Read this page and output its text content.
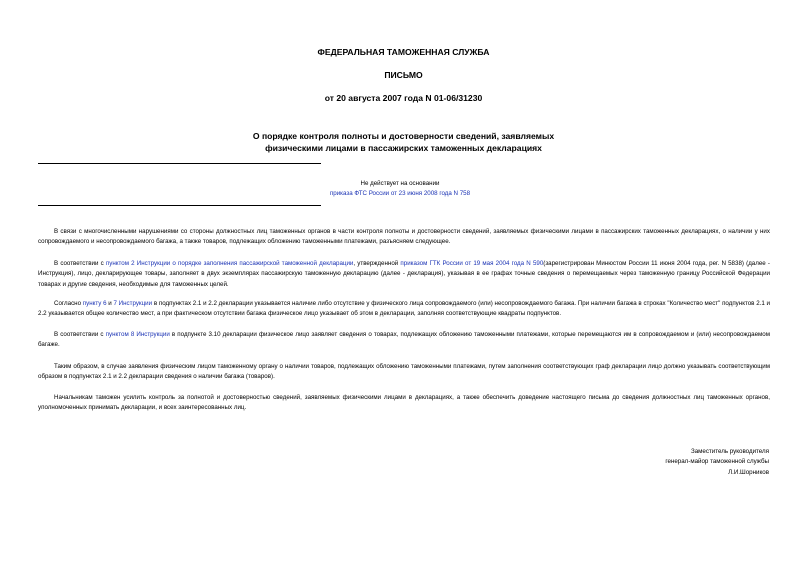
ФЕДЕРАЛЬНАЯ ТАМОЖЕННАЯ СЛУЖБА
ПИСЬМО
от 20 августа 2007 года N 01-06/31230
О порядке контроля полноты и достоверности сведений, заявляемых
физическими лицами в пассажирских таможенных декларациях
Не действует на основании
приказа ФТС России от 23 июня 2008 года N 758

В связи с многочисленными нарушениями со стороны должностных лиц таможенных органов в части контроля полноты и достоверности сведений, заявляемых физическими лицами в пассажирских таможенных декларациях, о наличии у них сопровождаемого и несопровождаемого багажа, а также товаров, подлежащих обложению таможенными платежами, разъясняем следующее.

В соответствии с пунктом 2 Инструкции о порядке заполнения пассажирской таможенной декларации, утвержденной приказом ГТК России от 19 мая 2004 года N 590(зарегистрирован Минюстом России 11 июня 2004 года, рег. N 5838) (далее - Инструкция), лицо, декларирующее товары, заполняет в двух экземплярах пассажирскую таможенную декларацию (далее - декларация), указывая в ее графах точные сведения о перемещаемых через таможенную границу Российской Федерации товарах и другие сведения, необходимые для таможенных целей.

Согласно пункту 6 и 7 Инструкции в подпунктах 2.1 и 2.2 декларации указывается наличие либо отсутствие у физического лица сопровождаемого (или) несопровождаемого багажа. При наличии багажа в строках "Количество мест" подпунктов 2.1 и 2.2 указывается общее количество мест, а при фактическом отсутствии багажа физическое лицо указывает об этом в декларации, заполняя соответствующие квадраты подпунктов.

В соответствии с пунктом 8 Инструкции в подпункте 3.10 декларации физическое лицо заявляет сведения о товарах, подлежащих обложению таможенными платежами, которые перемещаются им в сопровождаемом и (или) несопровождаемом багаже.

Таким образом, в случае заявления физическим лицом таможенному органу о наличии товаров, подлежащих обложению таможенными платежами, путем заполнения соответствующих граф декларации лицо должно указывать соответствующим образом в подпунктах 2.1 и 2.2 декларации сведения о наличии багажа (товаров).

Начальникам таможен усилить контроль за полнотой и достоверностью сведений, заявляемых физическими лицами в декларациях, а также обеспечить доведение настоящего письма до сведения должностных лиц таможенных органов, уполномоченных принимать декларации, и всех заинтересованных лиц.

Заместитель руководителя
генерал-майор таможенной службы
Л.И.Шорников
